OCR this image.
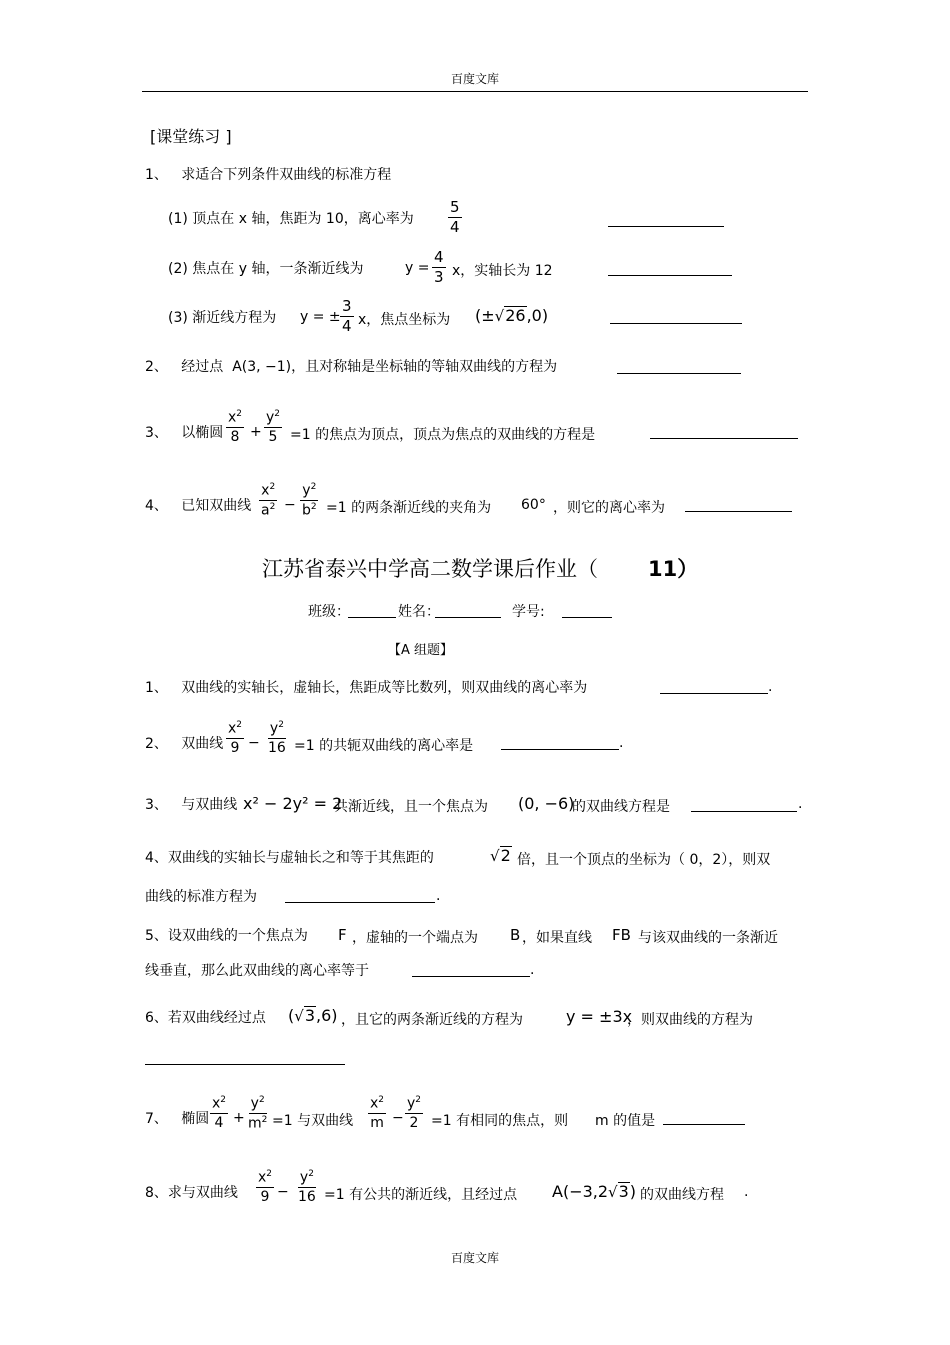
百度文库
[课堂练习 ]
1、 求适合下列条件双曲线的标准方程
(1) 顶点在 x 轴，焦距为 10，离心率为 $\frac{5}{4}$
(2) 焦点在 y 轴，一条渐近线为	$y = \frac{4}{3}$ x，实轴长为 12
(3) 渐近线方程为 y = ± $\frac{3}{4}$ x，焦点坐标为 (±√26,0)
2、 经过点 A(3, −1)，且对称轴是坐标轴的等轴双曲线的方程为
3、 以椭圆 $\frac{x^2}{8} + \frac{y^2}{5} =1$ 的焦点为顶点，顶点为焦点的双曲线的方程是
4、 已知双曲线 $\frac{x^2}{a^2} - \frac{y^2}{b^2} =1$ 的两条渐近线的夹角为 60° ，则它的离心率为
江苏省泰兴中学高二数学课后作业（ 11）
班级：	姓名：	学号:
【A 组题】
1、 双曲线的实轴长，虚轴长，焦距成等比数列，则双曲线的离心率为	.
2、 双曲线 $\frac{x^2}{9} - \frac{y^2}{16} =1$ 的共轭双曲线的离心率是	.
3、 与双曲线 x² − 2y² = 2
共渐近线，且一个焦点为 (0, −6)
的双曲线方程是	.
4、双曲线的实轴长与虚轴长之和等于其焦距的	√2 倍，且一个顶点的坐标为（ 0，2），则双
曲线的标准方程为	.
5、设双曲线的一个焦点为 F ，虚轴的一个端点为 B ，如果直线 FB 与该双曲线的一条渐近
线垂直，那么此双曲线的离心率等于	.
6、若双曲线经过点 (√3,6) ，且它的两条渐近线的方程为	y = ±3x
，则双曲线的方程为
7、 椭圆 $\frac{x^2}{4} + \frac{y^2}{m^2} =1$ 与双曲线 $\frac{x^2}{m} - \frac{y^2}{2} =1$ 有相同的焦点，则 m 的值是
8、求与双曲线 $\frac{x^2}{9} - \frac{y^2}{16} =1$ 有公共的渐近线，且经过点 A(−3,2√3) 的双曲线方程 .
百度文库
